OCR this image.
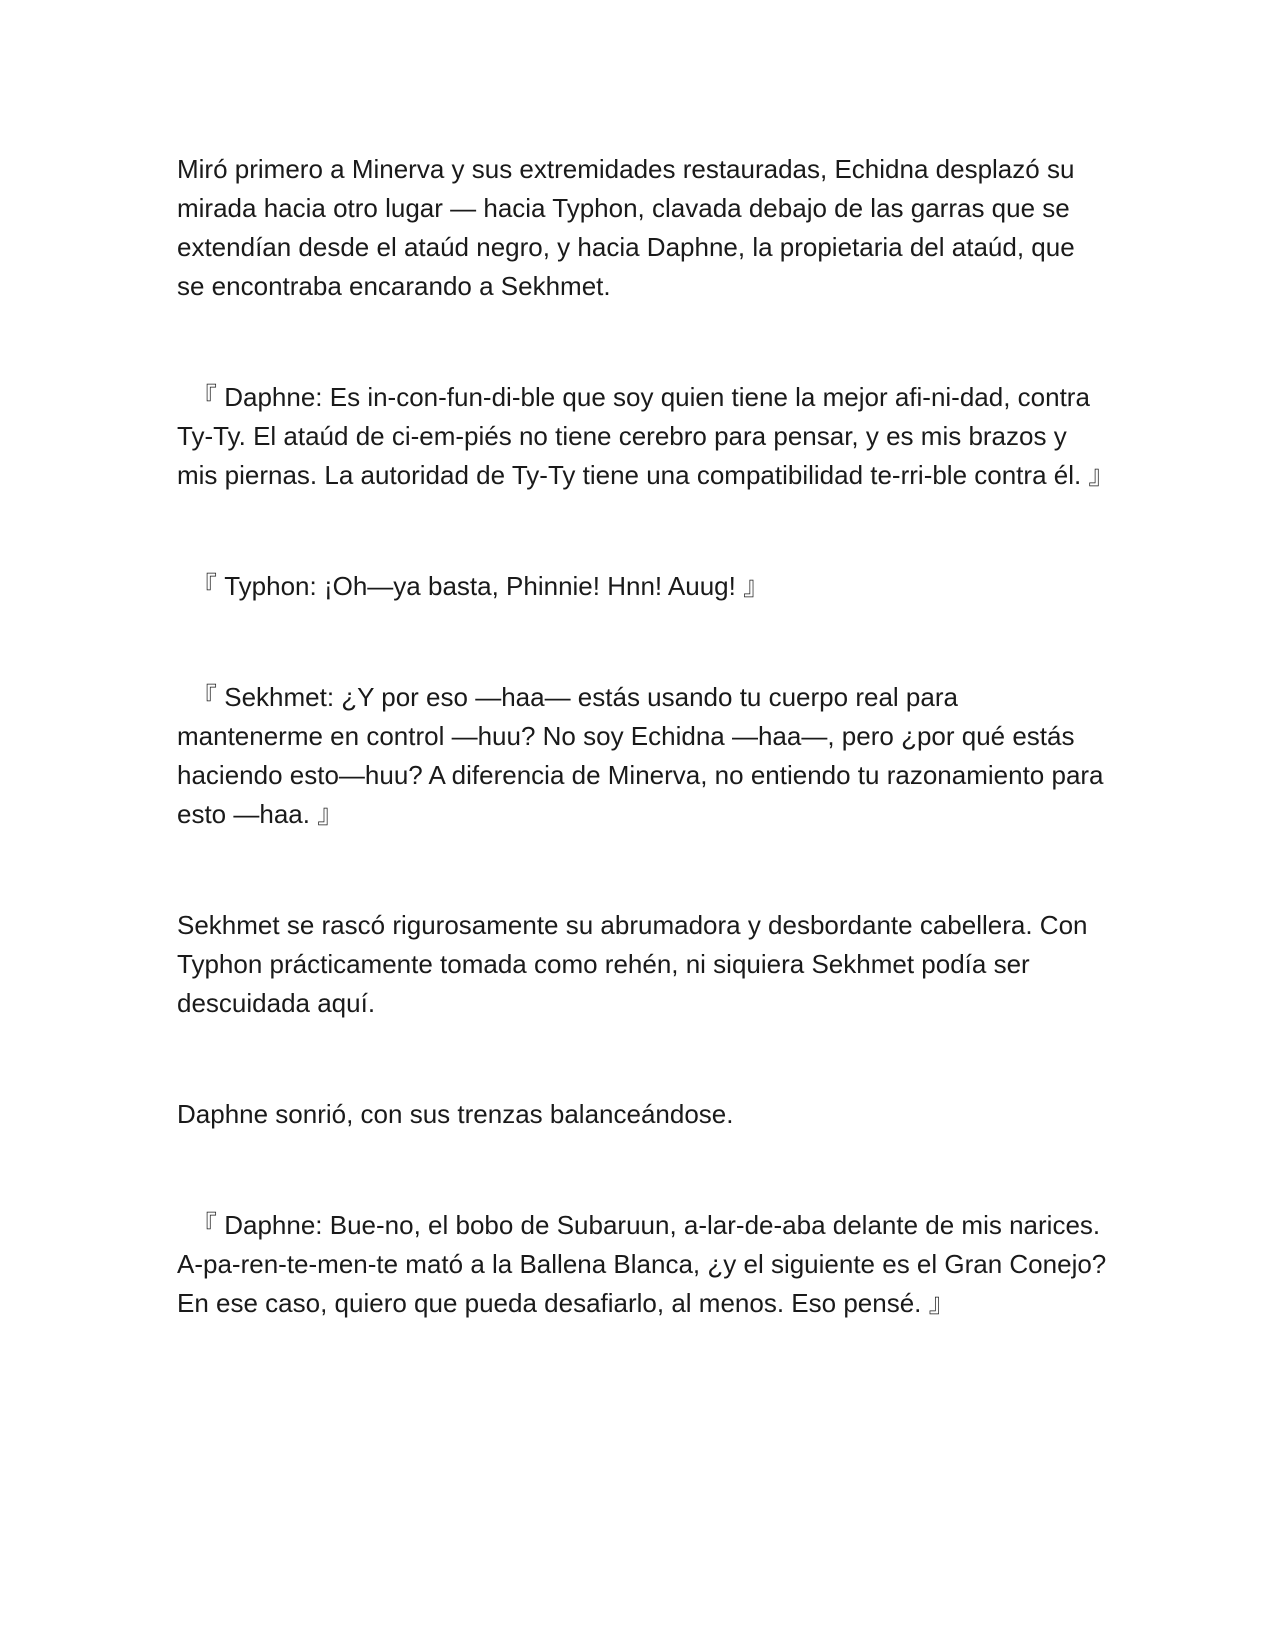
Miró primero a Minerva y sus extremidades restauradas, Echidna desplazó su mirada hacia otro lugar — hacia Typhon, clavada debajo de las garras que se extendían desde el ataúd negro, y hacia Daphne, la propietaria del ataúd, que se encontraba encarando a Sekhmet.

『 Daphne: Es in-con-fun-di-ble que soy quien tiene la mejor afi-ni-dad, contra Ty-Ty. El ataúd de ci-em-piés no tiene cerebro para pensar, y es mis brazos y mis piernas. La autoridad de Ty-Ty tiene una compatibilidad te-rri-ble contra él. 』

『 Typhon: ¡Oh—ya basta, Phinnie! Hnn! Auug! 』

『 Sekhmet: ¿Y por eso —haa— estás usando tu cuerpo real para mantenerme en control —huu? No soy Echidna —haa—, pero ¿por qué estás haciendo esto—huu? A diferencia de Minerva, no entiendo tu razonamiento para esto —haa. 』

Sekhmet se rascó rigurosamente su abrumadora y desbordante cabellera. Con Typhon prácticamente tomada como rehén, ni siquiera Sekhmet podía ser descuidada aquí.

Daphne sonrió, con sus trenzas balanceándose.

『 Daphne: Bue-no, el bobo de Subaruun, a-lar-de-aba delante de mis narices. A-pa-ren-te-men-te mató a la Ballena Blanca, ¿y el siguiente es el Gran Conejo? En ese caso, quiero que pueda desafiarlo, al menos. Eso pensé. 』
